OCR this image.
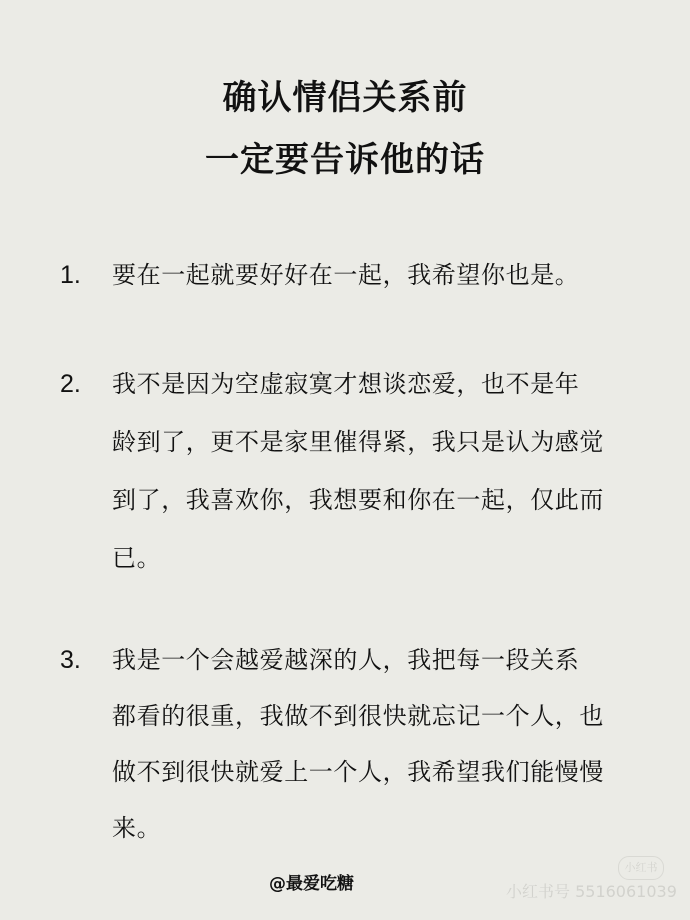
确认情侣关系前
一定要告诉他的话
1. 要在一起就要好好在一起，我希望你也是。
2. 我不是因为空虚寂寞才想谈恋爱，也不是年
龄到了，更不是家里催得紧，我只是认为感觉
到了，我喜欢你，我想要和你在一起，仅此而
已。
3. 我是一个会越爱越深的人，我把每一段关系
都看的很重，我做不到很快就忘记一个人，也
做不到很快就爱上一个人，我希望我们能慢慢
来。
@最爱吃糖
小红书
小红书号 5516061039
